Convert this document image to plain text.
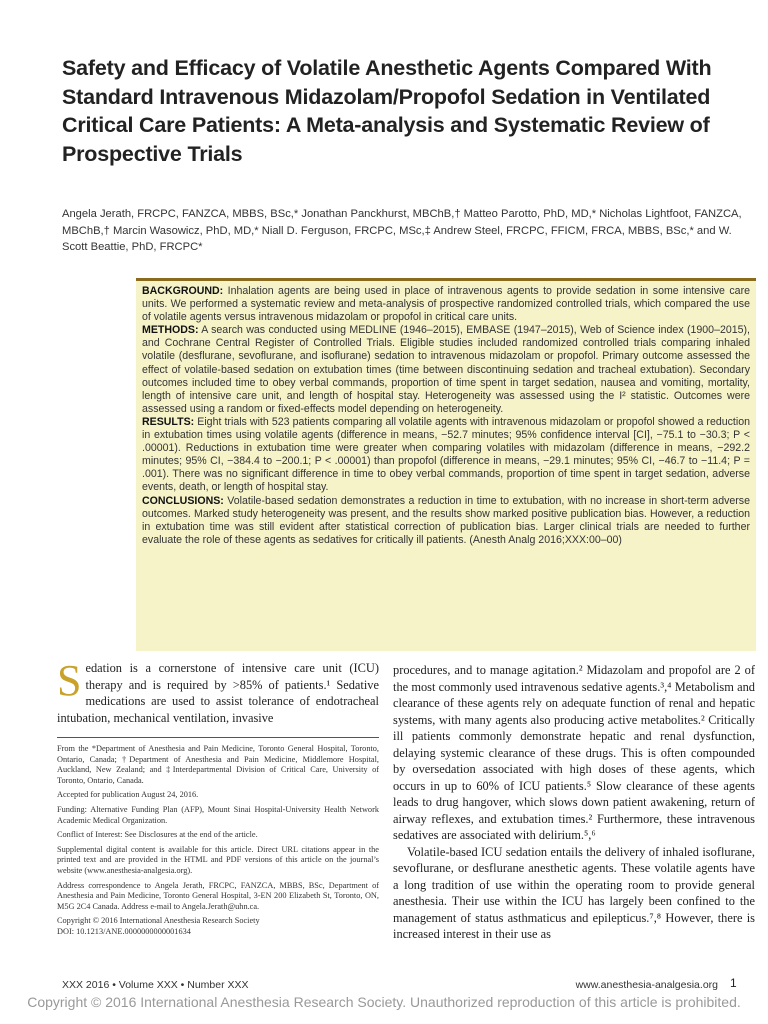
Safety and Efficacy of Volatile Anesthetic Agents Compared With Standard Intravenous Midazolam/Propofol Sedation in Ventilated Critical Care Patients: A Meta-analysis and Systematic Review of Prospective Trials
Angela Jerath, FRCPC, FANZCA, MBBS, BSc,* Jonathan Panckhurst, MBChB,† Matteo Parotto, PhD, MD,* Nicholas Lightfoot, FANZCA, MBChB,† Marcin Wasowicz, PhD, MD,* Niall D. Ferguson, FRCPC, MSc,‡ Andrew Steel, FRCPC, FFICM, FRCA, MBBS, BSc,* and W. Scott Beattie, PhD, FRCPC*

BACKGROUND: Inhalation agents are being used in place of intravenous agents to provide sedation in some intensive care units. We performed a systematic review and meta-analysis of prospective randomized controlled trials, which compared the use of volatile agents versus intravenous midazolam or propofol in critical care units.

METHODS: A search was conducted using MEDLINE (1946–2015), EMBASE (1947–2015), Web of Science index (1900–2015), and Cochrane Central Register of Controlled Trials. Eligible studies included randomized controlled trials comparing inhaled volatile (desflurane, sevoflurane, and isoflurane) sedation to intravenous midazolam or propofol. Primary outcome assessed the effect of volatile-based sedation on extubation times (time between discontinuing sedation and tracheal extubation). Secondary outcomes included time to obey verbal commands, proportion of time spent in target sedation, nausea and vomiting, mortality, length of intensive care unit, and length of hospital stay. Heterogeneity was assessed using the I² statistic. Outcomes were assessed using a random or fixed-effects model depending on heterogeneity.

RESULTS: Eight trials with 523 patients comparing all volatile agents with intravenous midazolam or propofol showed a reduction in extubation times using volatile agents (difference in means, −52.7 minutes; 95% confidence interval [CI], −75.1 to −30.3; P < .00001). Reductions in extubation time were greater when comparing volatiles with midazolam (difference in means, −292.2 minutes; 95% CI, −384.4 to −200.1; P < .00001) than propofol (difference in means, −29.1 minutes; 95% CI, −46.7 to −11.4; P = .001). There was no significant difference in time to obey verbal commands, proportion of time spent in target sedation, adverse events, death, or length of hospital stay.

CONCLUSIONS: Volatile-based sedation demonstrates a reduction in time to extubation, with no increase in short-term adverse outcomes. Marked study heterogeneity was present, and the results show marked positive publication bias. However, a reduction in extubation time was still evident after statistical correction of publication bias. Larger clinical trials are needed to further evaluate the role of these agents as sedatives for critically ill patients. (Anesth Analg 2016;XXX:00–00)

Sedation is a cornerstone of intensive care unit (ICU) therapy and is required by >85% of patients.¹ Sedative medications are used to assist tolerance of endotracheal intubation, mechanical ventilation, invasive

From the *Department of Anesthesia and Pain Medicine, Toronto General Hospital, Toronto, Ontario, Canada; †Department of Anesthesia and Pain Medicine, Middlemore Hospital, Auckland, New Zealand; and ‡Interdepartmental Division of Critical Care, University of Toronto, Ontario, Canada.

Accepted for publication August 24, 2016.

Funding: Alternative Funding Plan (AFP), Mount Sinai Hospital-University Health Network Academic Medical Organization.

Conflict of Interest: See Disclosures at the end of the article.

Supplemental digital content is available for this article. Direct URL citations appear in the printed text and are provided in the HTML and PDF versions of this article on the journal’s website (www.anesthesia-analgesia.org).

Address correspondence to Angela Jerath, FRCPC, FANZCA, MBBS, BSc, Department of Anesthesia and Pain Medicine, Toronto General Hospital, 3-EN 200 Elizabeth St, Toronto, ON, M5G 2C4 Canada. Address e-mail to Angela.Jerath@uhn.ca.

Copyright © 2016 International Anesthesia Research Society

DOI: 10.1213/ANE.0000000000001634

procedures, and to manage agitation.² Midazolam and propofol are 2 of the most commonly used intravenous sedative agents.³,⁴ Metabolism and clearance of these agents rely on adequate function of renal and hepatic systems, with many agents also producing active metabolites.² Critically ill patients commonly demonstrate hepatic and renal dysfunction, delaying systemic clearance of these drugs. This is often compounded by oversedation associated with high doses of these agents, which occurs in up to 60% of ICU patients.⁵ Slow clearance of these agents leads to drug hangover, which slows down patient awakening, return of airway reflexes, and extubation times.² Furthermore, these intravenous sedatives are associated with delirium.⁵,⁶

Volatile-based ICU sedation entails the delivery of inhaled isoflurane, sevoflurane, or desflurane anesthetic agents. These volatile agents have a long tradition of use within the operating room to provide general anesthesia. Their use within the ICU has largely been confined to the management of status asthmaticus and epilepticus.⁷,⁸ However, there is increased interest in their use as

XXX 2016 • Volume XXX • Number XXX	www.anesthesia-analgesia.org 1
Copyright © 2016 International Anesthesia Research Society. Unauthorized reproduction of this article is prohibited.
